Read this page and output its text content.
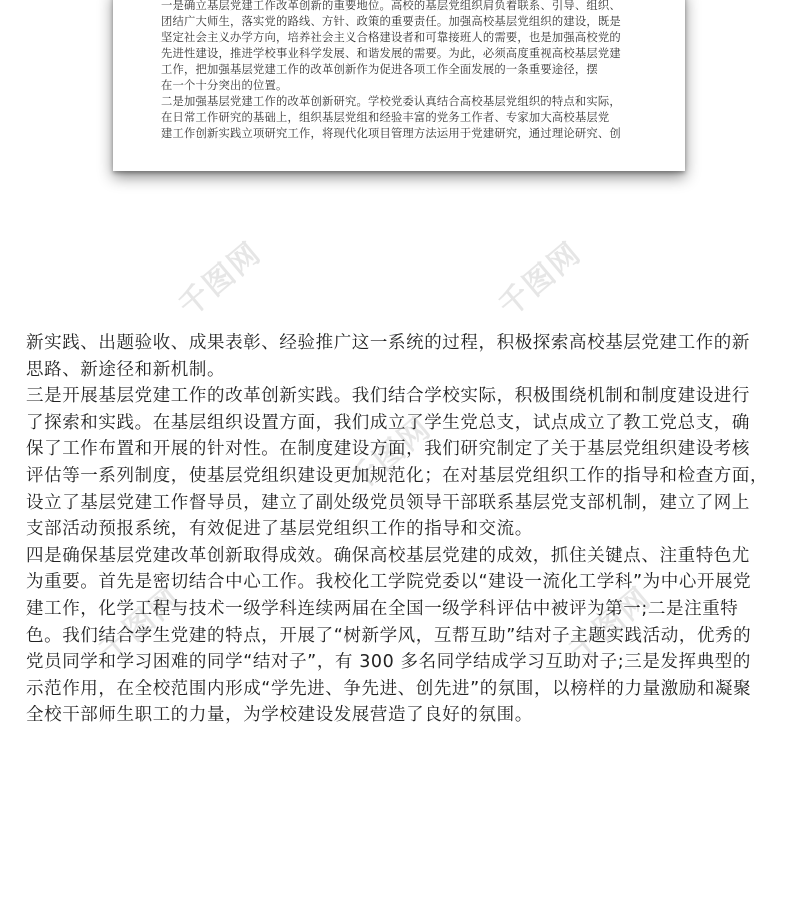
一是确立基层党建工作改革创新的重要地位。高校的基层党组织肩负着联系、引导、组织、
团结广大师生，落实党的路线、方针、政策的重要责任。加强高校基层党组织的建设，既是
坚定社会主义办学方向，培养社会主义合格建设者和可靠接班人的需要，也是加强高校党的
先进性建设，推进学校事业科学发展、和谐发展的需要。为此，必须高度重视高校基层党建
工作，把加强基层党建工作的改革创新作为促进各项工作全面发展的一条重要途径，摆
在一个十分突出的位置。
二是加强基层党建工作的改革创新研究。学校党委认真结合高校基层党组织的特点和实际，
在日常工作研究的基础上，组织基层党组和经验丰富的党务工作者、专家加大高校基层党
建工作创新实践立项研究工作，将现代化项目管理方法运用于党建研究，通过理论研究、创
千图网	千图网
千图网
千图网	千图网
新实践、出题验收、成果表彰、经验推广这一系统的过程，积极探索高校基层党建工作的新
思路、新途径和新机制。
三是开展基层党建工作的改革创新实践。我们结合学校实际，积极围绕机制和制度建设进行
了探索和实践。在基层组织设置方面，我们成立了学生党总支，试点成立了教工党总支，确
保了工作布置和开展的针对性。在制度建设方面，我们研究制定了关于基层党组织建设考核
评估等一系列制度，使基层党组织建设更加规范化；在对基层党组织工作的指导和检查方面，
设立了基层党建工作督导员，建立了副处级党员领导干部联系基层党支部机制，建立了网上
支部活动预报系统，有效促进了基层党组织工作的指导和交流。
四是确保基层党建改革创新取得成效。确保高校基层党建的成效，抓住关键点、注重特色尤
为重要。首先是密切结合中心工作。我校化工学院党委以“建设一流化工学科”为中心开展党
建工作，化学工程与技术一级学科连续两届在全国一级学科评估中被评为第一;二是注重特
色。我们结合学生党建的特点，开展了“树新学风，互帮互助”结对子主题实践活动，优秀的
党员同学和学习困难的同学“结对子”，有 300 多名同学结成学习互助对子;三是发挥典型的
示范作用，在全校范围内形成“学先进、争先进、创先进”的氛围，以榜样的力量激励和凝聚
全校干部师生职工的力量，为学校建设发展营造了良好的氛围。
